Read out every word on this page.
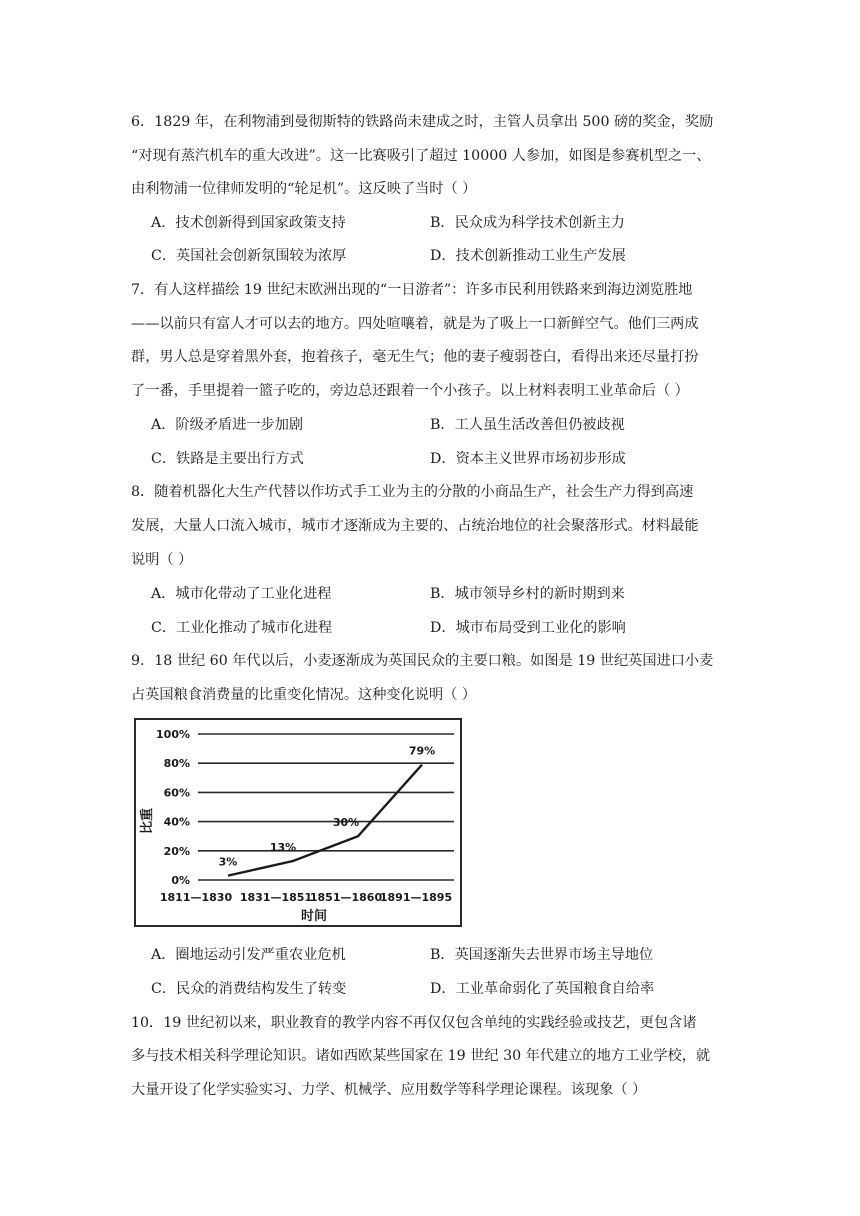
6．1829 年，在利物浦到曼彻斯特的铁路尚未建成之时，主管人员拿出 500 磅的奖金，奖励
“对现有蒸汽机车的重大改进”。这一比赛吸引了超过 10000 人参加，如图是参赛机型之一、
由利物浦一位律师发明的“轮足机”。这反映了当时（ ）
A．技术创新得到国家政策支持	B．民众成为科学技术创新主力
C．英国社会创新氛围较为浓厚	D．技术创新推动工业生产发展
7．有人这样描绘 19 世纪末欧洲出现的“一日游者”：许多市民利用铁路来到海边浏览胜地
——以前只有富人才可以去的地方。四处喧嚷着，就是为了吸上一口新鲜空气。他们三两成
群，男人总是穿着黑外套，抱着孩子，毫无生气；他的妻子瘦弱苍白，看得出来还尽量打扮
了一番，手里提着一篮子吃的，旁边总还跟着一个小孩子。以上材料表明工业革命后（ ）
A．阶级矛盾进一步加剧	B．工人虽生活改善但仍被歧视
C．铁路是主要出行方式	D．资本主义世界市场初步形成
8．随着机器化大生产代替以作坊式手工业为主的分散的小商品生产，社会生产力得到高速
发展，大量人口流入城市，城市才逐渐成为主要的、占统治地位的社会聚落形式。材料最能
说明（ ）
A．城市化带动了工业化进程	B．城市领导乡村的新时期到来
C．工业化推动了城市化进程	D．城市布局受到工业化的影响
9．18 世纪 60 年代以后，小麦逐渐成为英国民众的主要口粮。如图是 19 世纪英国进口小麦
占英国粮食消费量的比重变化情况。这种变化说明（ ）
0%
20%
40%
60%
80%
100%
1811—1830 1831—1851
1851—1860
1891—1895
3%
13%
30%
79%
比重
时间
A．圈地运动引发严重农业危机	B．英国逐渐失去世界市场主导地位
C．民众的消费结构发生了转变	D．工业革命弱化了英国粮食自给率
10．19 世纪初以来，职业教育的教学内容不再仅仅包含单纯的实践经验或技艺，更包含诸
多与技术相关科学理论知识。诸如西欧某些国家在 19 世纪 30 年代建立的地方工业学校，就
大量开设了化学实验实习、力学、机械学、应用数学等科学理论课程。该现象（ ）
